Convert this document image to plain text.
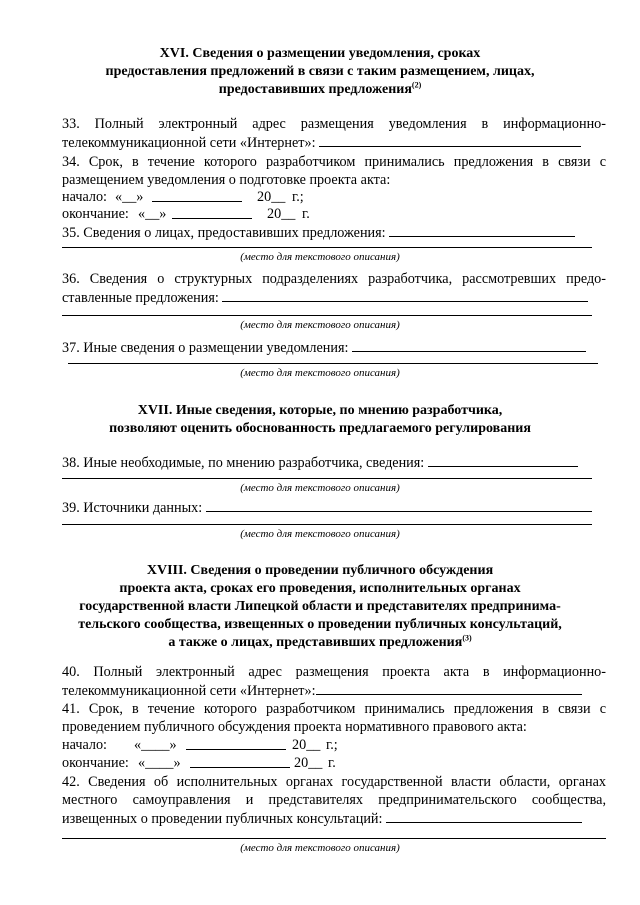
XVI. Сведения о размещении уведомления, сроках
предоставления предложений в связи с таким размещением, лицах,
предоставивших предложения$^{(2)}$
33. Полный электронный адрес размещения уведомления в информационно-
телекоммуникационной сети «Интернет»:
34. Срок, в течение которого разработчиком принимались предложения в связи с
размещением уведомления о подготовке проекта акта:
начало: «__»	20__ г.;
окончание: «__»	20__ г.
35. Сведения о лицах, предоставивших предложения:
(место для текстового описания)
36. Сведения о структурных подразделениях разработчика, рассмотревших предо-
ставленные предложения:
(место для текстового описания)
37. Иные сведения о размещении уведомления:
(место для текстового описания)
XVII. Иные сведения, которые, по мнению разработчика,
позволяют оценить обоснованность предлагаемого регулирования
38. Иные необходимые, по мнению разработчика, сведения:
(место для текстового описания)
39. Источники данных:
(место для текстового описания)
XVIII. Сведения о проведении публичного обсуждения
проекта акта, сроках его проведения, исполнительных органах
государственной власти Липецкой области и представителях предпринима-
тельского сообщества, извещенных о проведении публичных консультаций,
а также о лицах, представивших предложения$^{(3)}$
40. Полный электронный адрес размещения проекта акта в информационно-
телекоммуникационной сети «Интернет»:
41. Срок, в течение которого разработчиком принимались предложения в связи с
проведением публичного обсуждения проекта нормативного правового акта:
начало: «____»	20__ г.;
окончание: «____»	20__ г.
42. Сведения об исполнительных органах государственной власти области, органах
местного самоуправления и представителях предпринимательского сообщества,
извещенных о проведении публичных консультаций:
(место для текстового описания)
